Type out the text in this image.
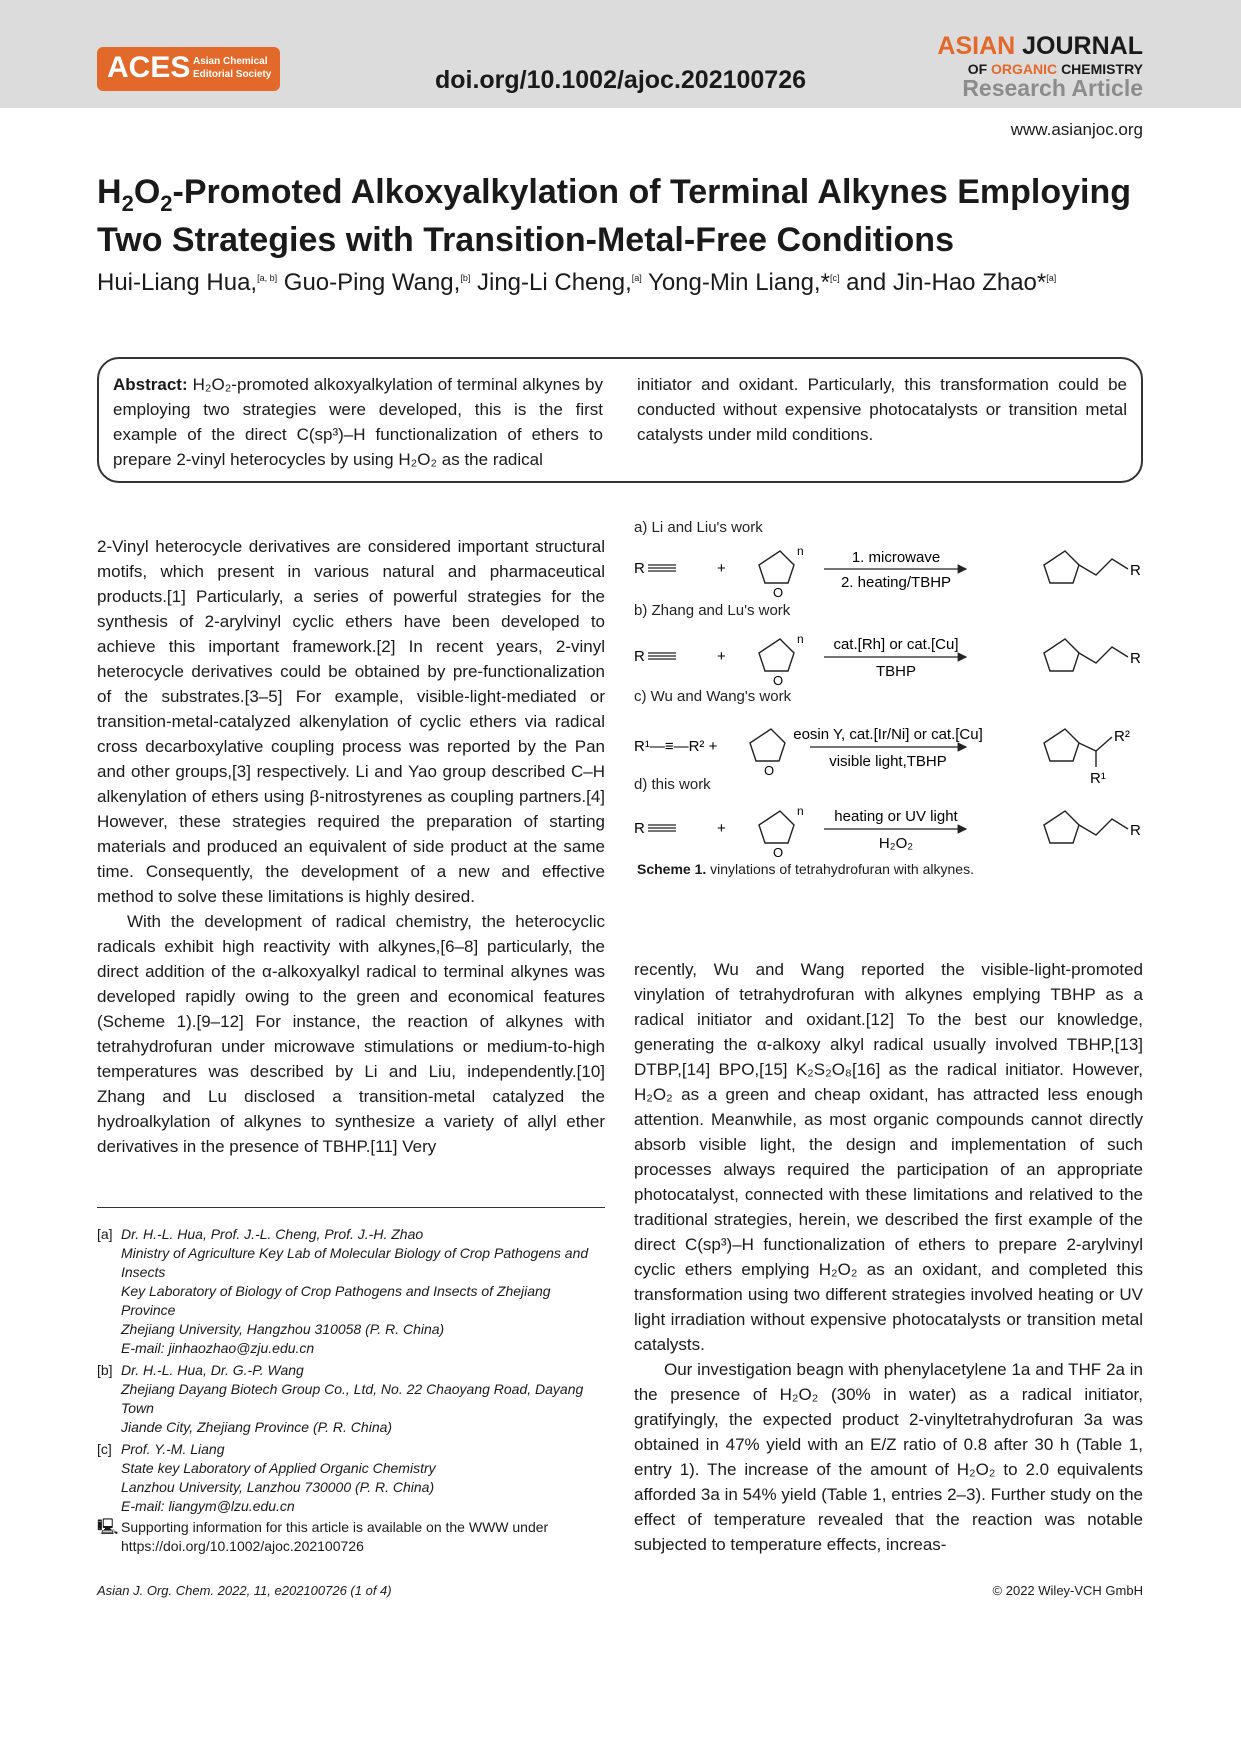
ACES Asian Chemical
Editorial Society	doi.org/10.1002/ajoc.202100726
ASIAN JOURNAL
OF ORGANIC CHEMISTRY
Research Article
www.asianjoc.org
$H_2O_2$-Promoted Alkoxyalkylation of Terminal Alkynes Employing Two Strategies with Transition-Metal-Free Conditions
Hui-Liang Hua,[a, b] Guo-Ping Wang,[b] Jing-Li Cheng,[a] Yong-Min Liang,*[c] and Jin-Hao Zhao*[a]
Abstract: H₂O₂-promoted alkoxyalkylation of terminal alkynes by employing two strategies were developed, this is the first example of the direct C(sp³)–H functionalization of ethers to prepare 2-vinyl heterocycles by using H₂O₂ as the radical
initiator and oxidant. Particularly, this transformation could be conducted without expensive photocatalysts or transition metal catalysts under mild conditions.

2-Vinyl heterocycle derivatives are considered important structural motifs, which present in various natural and pharmaceutical products.[1] Particularly, a series of powerful strategies for the synthesis of 2-arylvinyl cyclic ethers have been developed to achieve this important framework.[2] In recent years, 2-vinyl heterocycle derivatives could be obtained by pre-functionalization of the substrates.[3–5] For example, visible-light-mediated or transition-metal-catalyzed alkenylation of cyclic ethers via radical cross decarboxylative coupling process was reported by the Pan and other groups,[3] respectively. Li and Yao group described C–H alkenylation of ethers using β-nitrostyrenes as coupling partners.[4] However, these strategies required the preparation of starting materials and produced an equivalent of side product at the same time. Consequently, the development of a new and effective method to solve these limitations is highly desired.

With the development of radical chemistry, the heterocyclic radicals exhibit high reactivity with alkynes,[6–8] particularly, the direct addition of the α-alkoxyalkyl radical to terminal alkynes was developed rapidly owing to the green and economical features (Scheme 1).[9–12] For instance, the reaction of alkynes with tetrahydrofuran under microwave stimulations or medium-to-high temperatures was described by Li and Liu, independently.[10] Zhang and Lu disclosed a transition-metal catalyzed the hydroalkylation of alkynes to synthesize a variety of allyl ether derivatives in the presence of TBHP.[11] Very

a) Li and Liu's work
b) Zhang and Lu's work
c) Wu and Wang's work
d) this work
R	+
O
n	1. microwave
2. heating/TBHP
R
R	+
O
n cat.[Rh] or cat.[Cu]
TBHP
R
R¹—≡—R² +
O
eosin Y, cat.[Ir/Ni] or cat.[Cu]
visible light,TBHP
R²
R¹
R	+
O
n heating or UV light
H₂O₂
R
Scheme 1. vinylations of tetrahydrofuran with alkynes.

recently, Wu and Wang reported the visible-light-promoted vinylation of tetrahydrofuran with alkynes emplying TBHP as a radical initiator and oxidant.[12] To the best our knowledge, generating the α-alkoxy alkyl radical usually involved TBHP,[13] DTBP,[14] BPO,[15] K₂S₂O₈[16] as the radical initiator. However, H₂O₂ as a green and cheap oxidant, has attracted less enough attention. Meanwhile, as most organic compounds cannot directly absorb visible light, the design and implementation of such processes always required the participation of an appropriate photocatalyst, connected with these limitations and relatived to the traditional strategies, herein, we described the first example of the direct C(sp³)–H functionalization of ethers to prepare 2-arylvinyl cyclic ethers emplying H₂O₂ as an oxidant, and completed this transformation using two different strategies involved heating or UV light irradiation without expensive photocatalysts or transition metal catalysts.

Our investigation beagn with phenylacetylene 1a and THF 2a in the presence of H₂O₂ (30% in water) as a radical initiator, gratifyingly, the expected product 2-vinyltetrahydrofuran 3a was obtained in 47% yield with an E/Z ratio of 0.8 after 30 h (Table 1, entry 1). The increase of the amount of H₂O₂ to 2.0 equivalents afforded 3a in 54% yield (Table 1, entries 2–3). Further study on the effect of temperature revealed that the reaction was notable subjected to temperature effects, increas-

[a] Dr. H.-L. Hua, Prof. J.-L. Cheng, Prof. J.-H. Zhao
Ministry of Agriculture Key Lab of Molecular Biology of Crop Pathogens and Insects
Key Laboratory of Biology of Crop Pathogens and Insects of Zhejiang Province
Zhejiang University, Hangzhou 310058 (P. R. China)
E-mail: jinhaozhao@zju.edu.cn
[b] Dr. H.-L. Hua, Dr. G.-P. Wang
Zhejiang Dayang Biotech Group Co., Ltd, No. 22 Chaoyang Road, Dayang Town
Jiande City, Zhejiang Province (P. R. China)
[c] Prof. Y.-M. Liang
State key Laboratory of Applied Organic Chemistry
Lanzhou University, Lanzhou 730000 (P. R. China)
E-mail: liangym@lzu.edu.cn
🖳 Supporting information for this article is available on the WWW under https://doi.org/10.1002/ajoc.202100726
Asian J. Org. Chem. 2022, 11, e202100726 (1 of 4)	© 2022 Wiley-VCH GmbH
